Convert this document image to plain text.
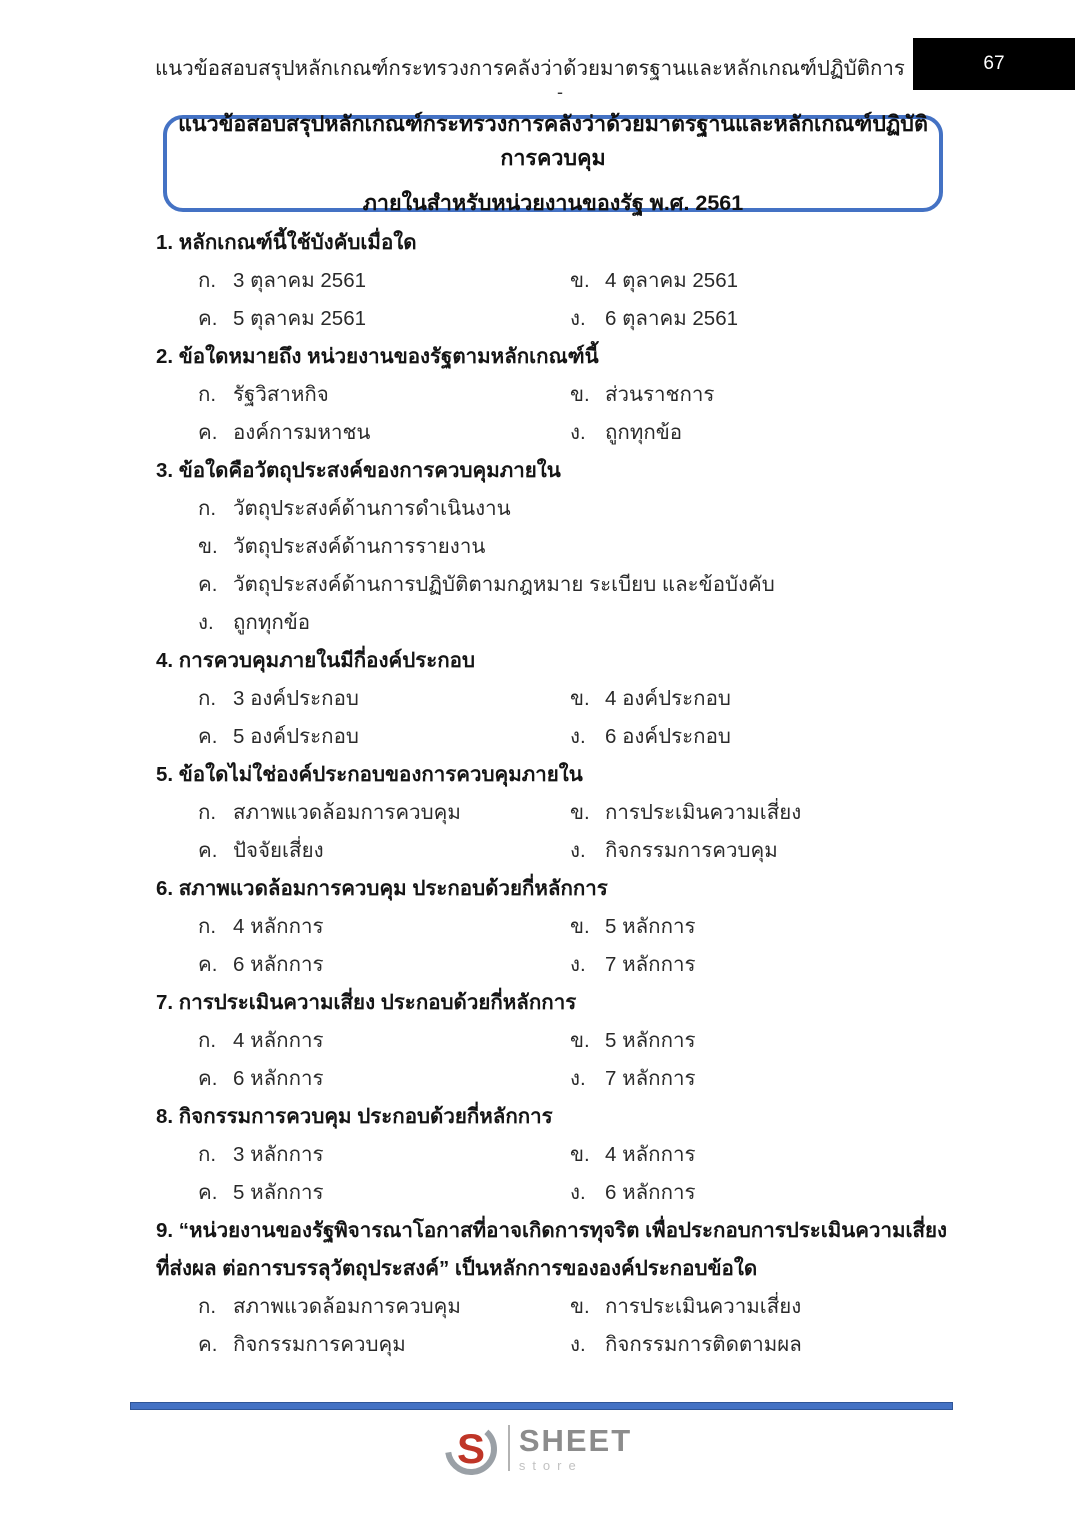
แนวข้อสอบสรุปหลักเกณฑ์กระทรวงการคลังว่าด้วยมาตรฐานและหลักเกณฑ์ปฏิบัติการ	67
-
แนวข้อสอบสรุปหลักเกณฑ์กระทรวงการคลังว่าด้วยมาตรฐานและหลักเกณฑ์ปฏิบัติการควบคุม
ภายในสำหรับหน่วยงานของรัฐ พ.ศ. 2561
1. หลักเกณฑ์นี้ใช้บังคับเมื่อใด
ก. 3 ตุลาคม 2561	ข. 4 ตุลาคม 2561
ค. 5 ตุลาคม 2561	ง. 6 ตุลาคม 2561
2. ข้อใดหมายถึง หน่วยงานของรัฐตามหลักเกณฑ์นี้
ก. รัฐวิสาหกิจ	ข. ส่วนราชการ
ค. องค์การมหาชน	ง. ถูกทุกข้อ
3. ข้อใดคือวัตถุประสงค์ของการควบคุมภายใน
ก. วัตถุประสงค์ด้านการดำเนินงาน
ข. วัตถุประสงค์ด้านการรายงาน
ค. วัตถุประสงค์ด้านการปฏิบัติตามกฎหมาย ระเบียบ และข้อบังคับ
ง. ถูกทุกข้อ
4. การควบคุมภายในมีกี่องค์ประกอบ
ก. 3 องค์ประกอบ	ข. 4 องค์ประกอบ
ค. 5 องค์ประกอบ	ง. 6 องค์ประกอบ
5. ข้อใดไม่ใช่องค์ประกอบของการควบคุมภายใน
ก. สภาพแวดล้อมการควบคุม	ข. การประเมินความเสี่ยง
ค. ปัจจัยเสี่ยง	ง. กิจกรรมการควบคุม
6. สภาพแวดล้อมการควบคุม ประกอบด้วยกี่หลักการ
ก. 4 หลักการ	ข. 5 หลักการ
ค. 6 หลักการ	ง. 7 หลักการ
7. การประเมินความเสี่ยง ประกอบด้วยกี่หลักการ
ก. 4 หลักการ	ข. 5 หลักการ
ค. 6 หลักการ	ง. 7 หลักการ
8. กิจกรรมการควบคุม ประกอบด้วยกี่หลักการ
ก. 3 หลักการ	ข. 4 หลักการ
ค. 5 หลักการ	ง. 6 หลักการ
9. “หน่วยงานของรัฐพิจารณาโอกาสที่อาจเกิดการทุจริต เพื่อประกอบการประเมินความเสี่ยงที่ส่งผล ต่อการบรรลุวัตถุประสงค์” เป็นหลักการขององค์ประกอบข้อใด
ก. สภาพแวดล้อมการควบคุม	ข. การประเมินความเสี่ยง
ค. กิจกรรมการควบคุม	ง. กิจกรรมการติดตามผล
S SHEET
store
